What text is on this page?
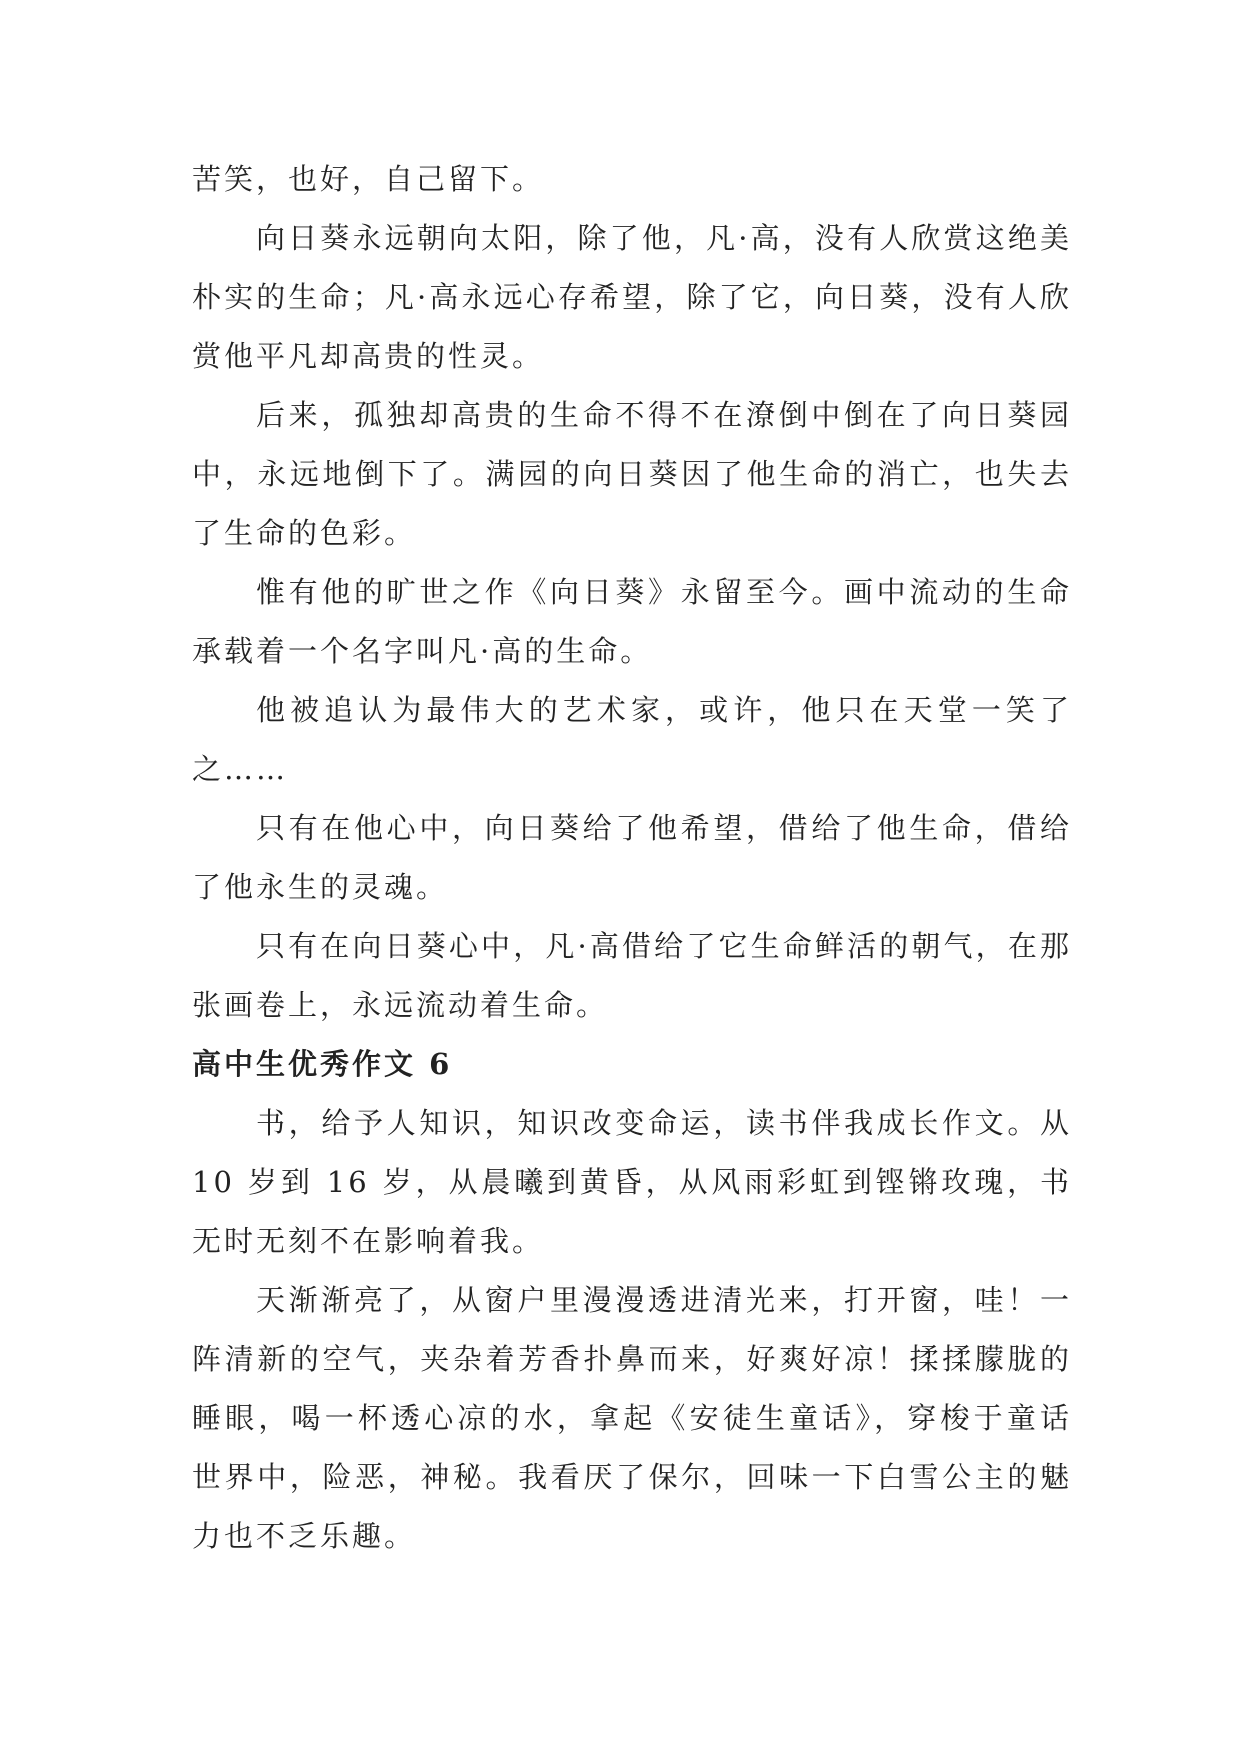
苦笑，也好，自己留下。

向日葵永远朝向太阳，除了他，凡·高，没有人欣赏这绝美朴实的生命；凡·高永远心存希望，除了它，向日葵，没有人欣赏他平凡却高贵的性灵。

后来，孤独却高贵的生命不得不在潦倒中倒在了向日葵园中，永远地倒下了。满园的向日葵因了他生命的消亡，也失去了生命的色彩。

惟有他的旷世之作《向日葵》永留至今。画中流动的生命承载着一个名字叫凡·高的生命。

他被追认为最伟大的艺术家，或许，他只在天堂一笑了之……

只有在他心中，向日葵给了他希望，借给了他生命，借给了他永生的灵魂。

只有在向日葵心中，凡·高借给了它生命鲜活的朝气，在那张画卷上，永远流动着生命。

高中生优秀作文 6

书，给予人知识，知识改变命运，读书伴我成长作文。从 10 岁到 16 岁，从晨曦到黄昏，从风雨彩虹到铿锵玫瑰，书无时无刻不在影响着我。

天渐渐亮了，从窗户里漫漫透进清光来，打开窗，哇！一阵清新的空气，夹杂着芳香扑鼻而来，好爽好凉！揉揉朦胧的睡眼，喝一杯透心凉的水，拿起《安徒生童话》，穿梭于童话世界中，险恶，神秘。我看厌了保尔，回味一下白雪公主的魅力也不乏乐趣。
